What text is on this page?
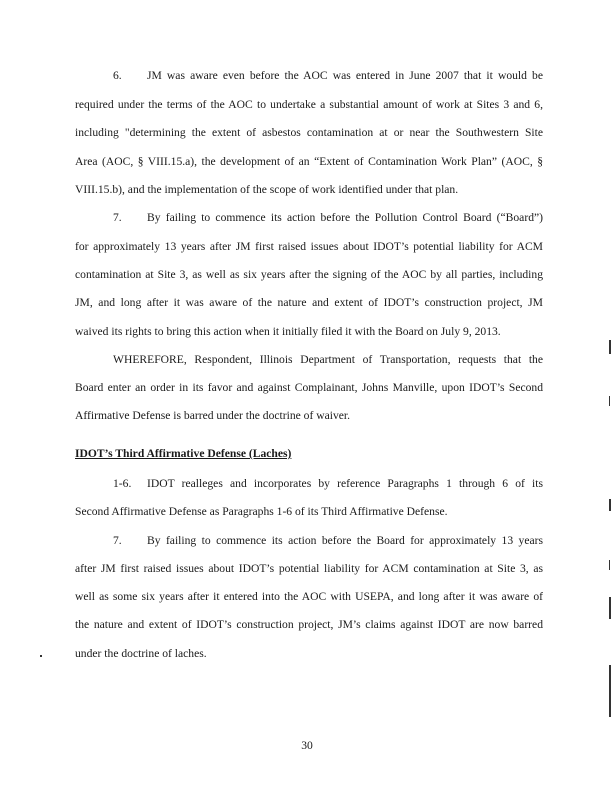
6. JM was aware even before the AOC was entered in June 2007 that it would be
required under the terms of the AOC to undertake a substantial amount of work at Sites 3 and 6,
including "determining the extent of asbestos contamination at or near the Southwestern Site
Area (AOC, § VIII.15.a), the development of an “Extent of Contamination Work Plan” (AOC, §
VIII.15.b), and the implementation of the scope of work identified under that plan.
7. By failing to commence its action before the Pollution Control Board (“Board”)
for approximately 13 years after JM first raised issues about IDOT’s potential liability for ACM
contamination at Site 3, as well as six years after the signing of the AOC by all parties, including
JM, and long after it was aware of the nature and extent of IDOT’s construction project, JM
waived its rights to bring this action when it initially filed it with the Board on July 9, 2013.
WHEREFORE, Respondent, Illinois Department of Transportation, requests that the
Board enter an order in its favor and against Complainant, Johns Manville, upon IDOT’s Second
Affirmative Defense is barred under the doctrine of waiver.
IDOT’s Third Affirmative Defense (Laches)
1-6. IDOT realleges and incorporates by reference Paragraphs 1 through 6 of its
Second Affirmative Defense as Paragraphs 1-6 of its Third Affirmative Defense.
7. By failing to commence its action before the Board for approximately 13 years
after JM first raised issues about IDOT’s potential liability for ACM contamination at Site 3, as
well as some six years after it entered into the AOC with USEPA, and long after it was aware of
the nature and extent of IDOT’s construction project, JM’s claims against IDOT are now barred
under the doctrine of laches.
30
